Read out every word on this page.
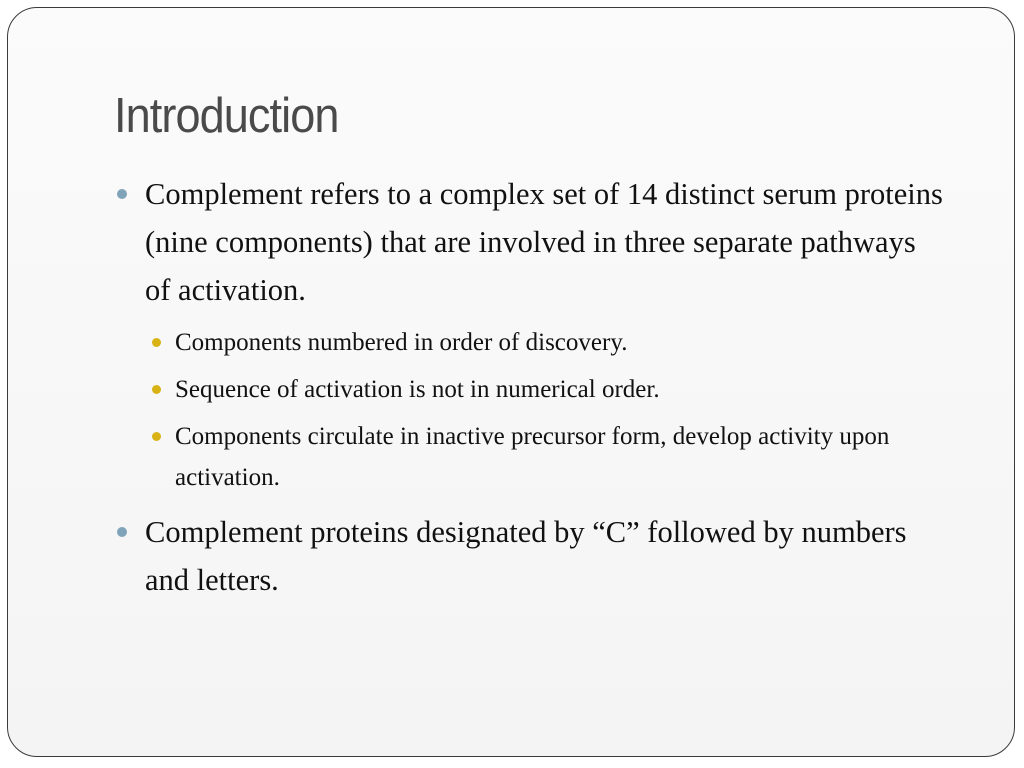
Introduction
Complement refers to a complex set of 14 distinct serum proteins (nine components) that are involved in three separate pathways of activation.
Components numbered in order of discovery.
Sequence of activation is not in numerical order.
Components circulate in inactive precursor form, develop activity upon activation.
Complement proteins designated by “C” followed by numbers and letters.
